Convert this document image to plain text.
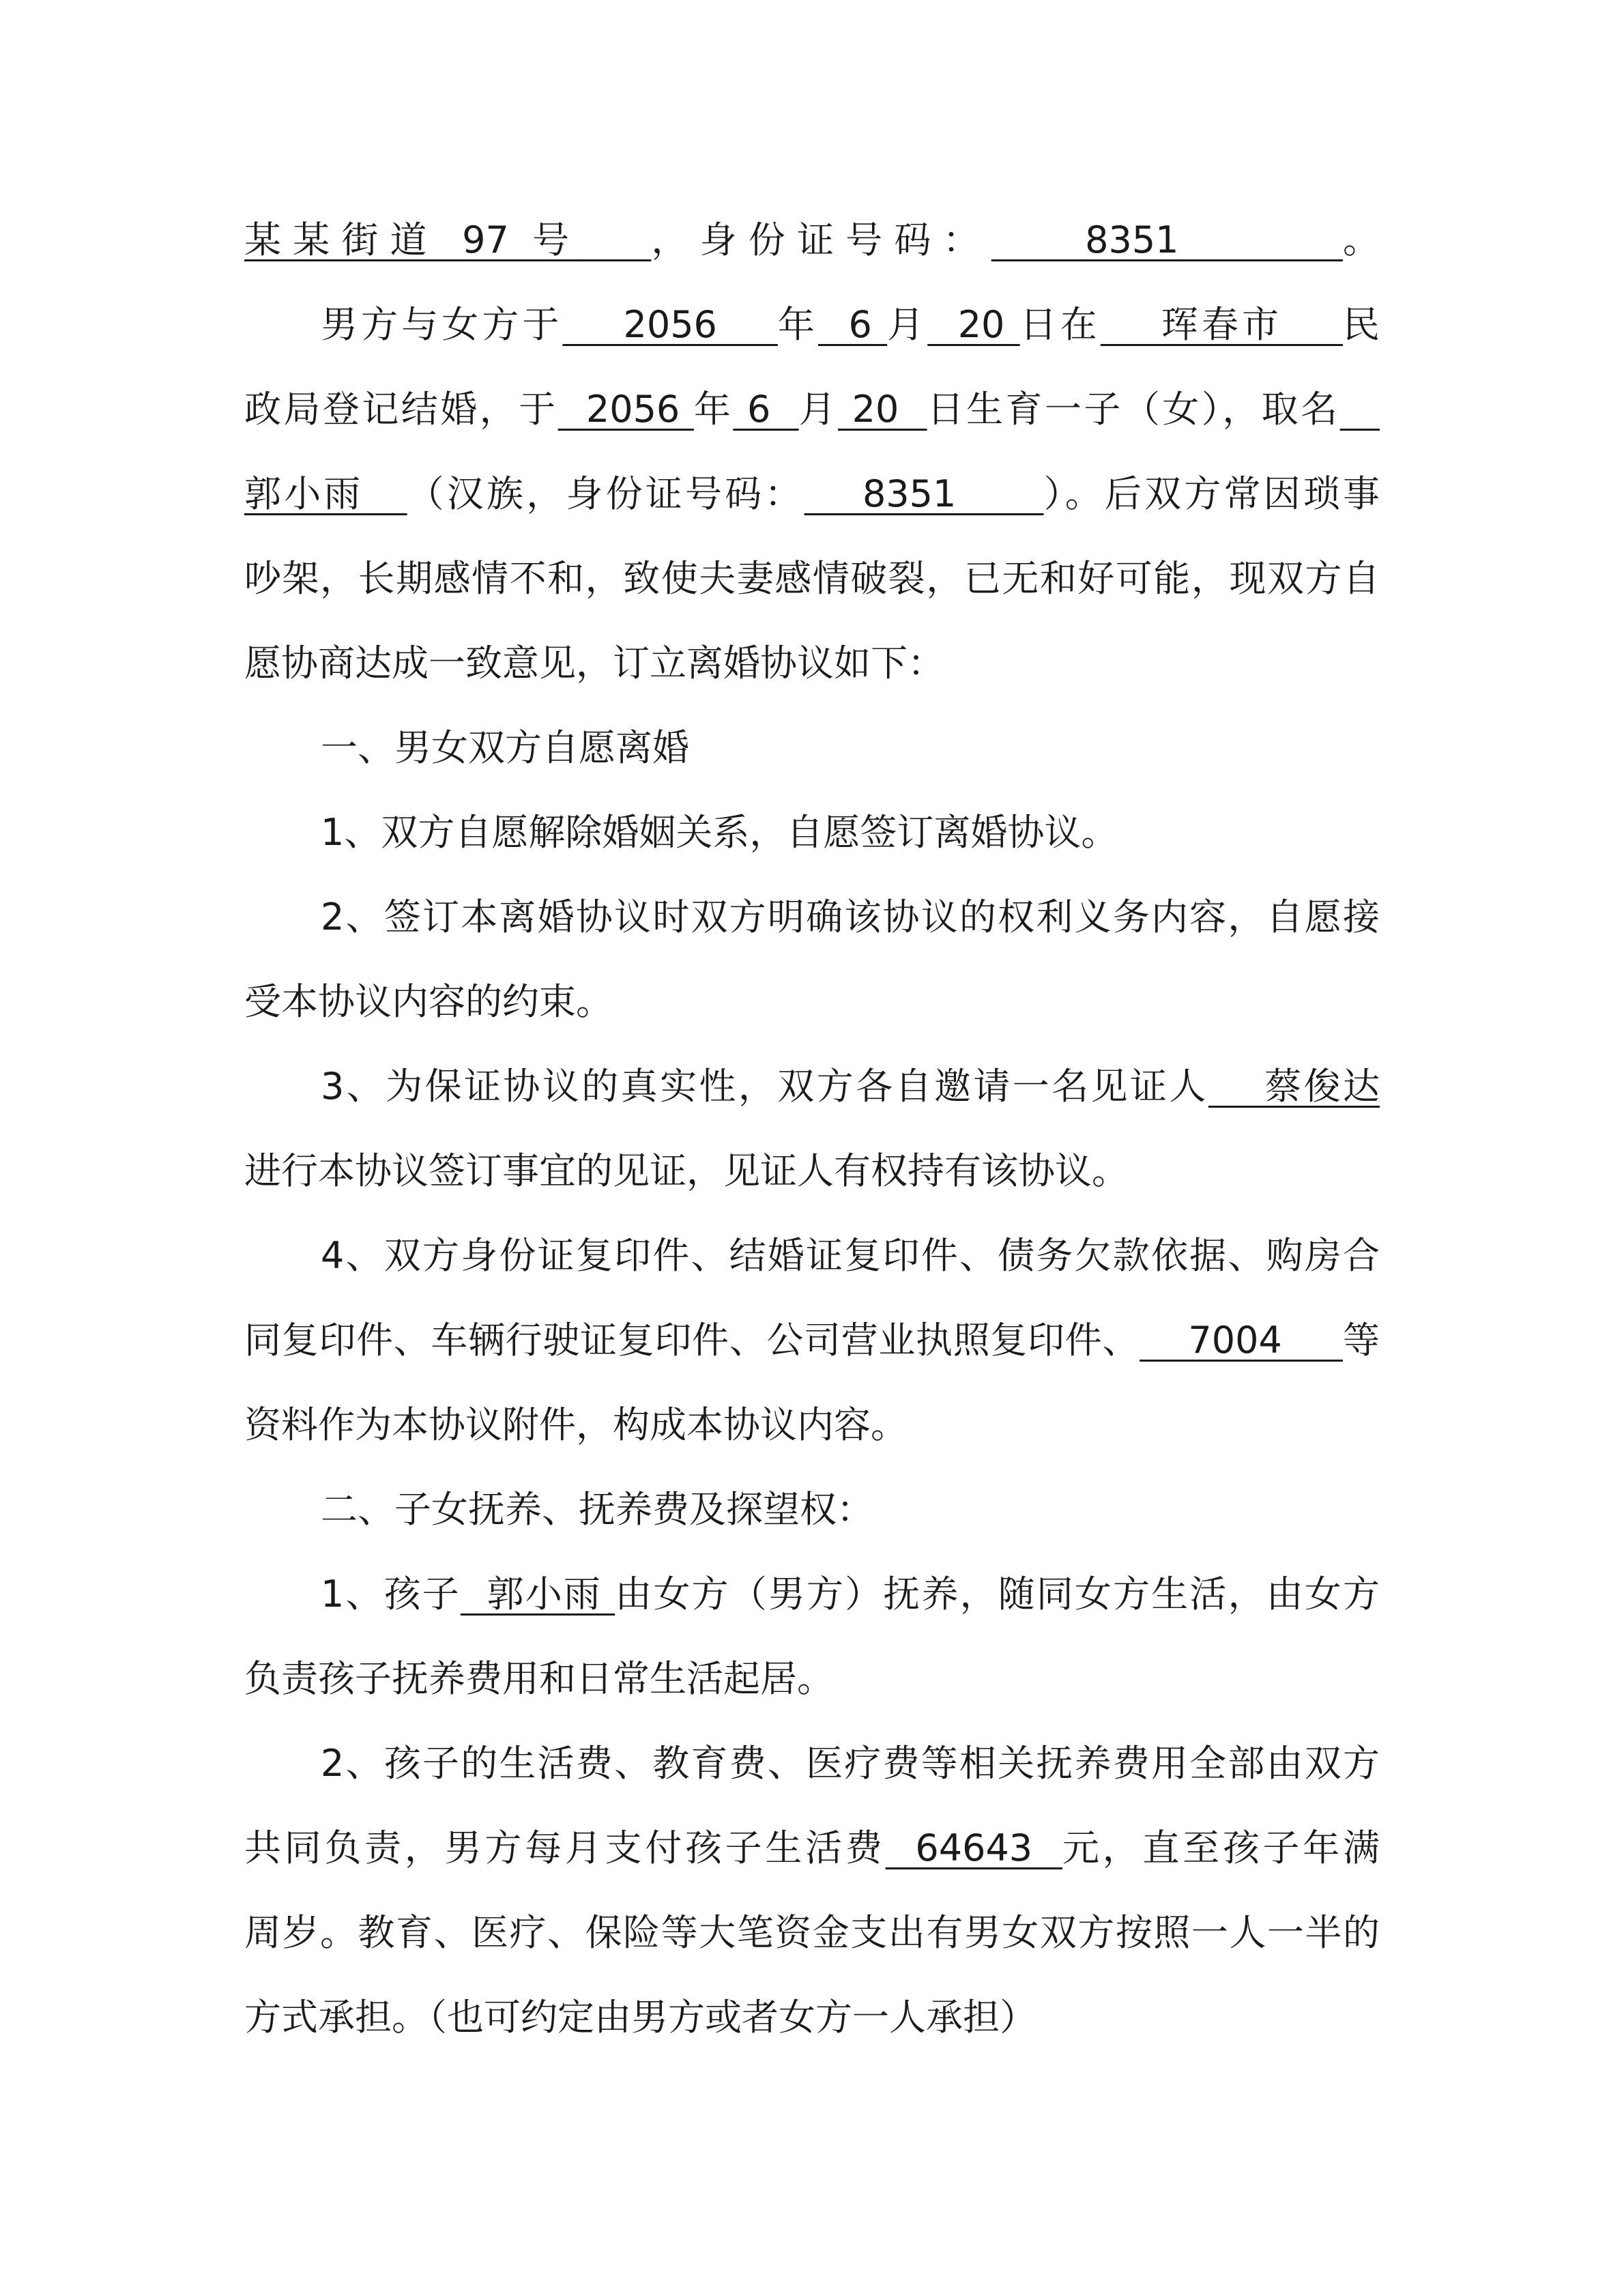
某某街道 97 号 ，身份证号码：	8351	。
男方与女方于    2056    年  6 月  20 日在    珲春市    民
政局登记结婚，于  2056 年 6  月 20  日生育一子（女），取名
郭小雨 （汉族，身份证号码：    8351      ）。后双方常因琐事
吵架，长期感情不和，致使夫妻感情破裂，已无和好可能，现双方自
愿协商达成一致意见，订立离婚协议如下：
一、男女双方自愿离婚
1、双方自愿解除婚姻关系，自愿签订离婚协议。
2、签订本离婚协议时双方明确该协议的权利义务内容，自愿接
受本协议内容的约束。
3、为保证协议的真实性，双方各自邀请一名见证人    蔡俊达
进行本协议签订事宜的见证，见证人有权持有该协议。
4、双方身份证复印件、结婚证复印件、债务欠款依据、购房合
同复印件、车辆行驶证复印件、公司营业执照复印件、    7004     等
资料作为本协议附件，构成本协议内容。
二、子女抚养、抚养费及探望权：
1、孩子  郭小雨 由女方（男方）抚养，随同女方生活，由女方
负责孩子抚养费用和日常生活起居。
2、孩子的生活费、教育费、医疗费等相关抚养费用全部由双方
共同负责，男方每月支付孩子生活费  64643  元，直至孩子年满
周岁。教育、医疗、保险等大笔资金支出有男女双方按照一人一半的
方式承担。（也可约定由男方或者女方一人承担）
